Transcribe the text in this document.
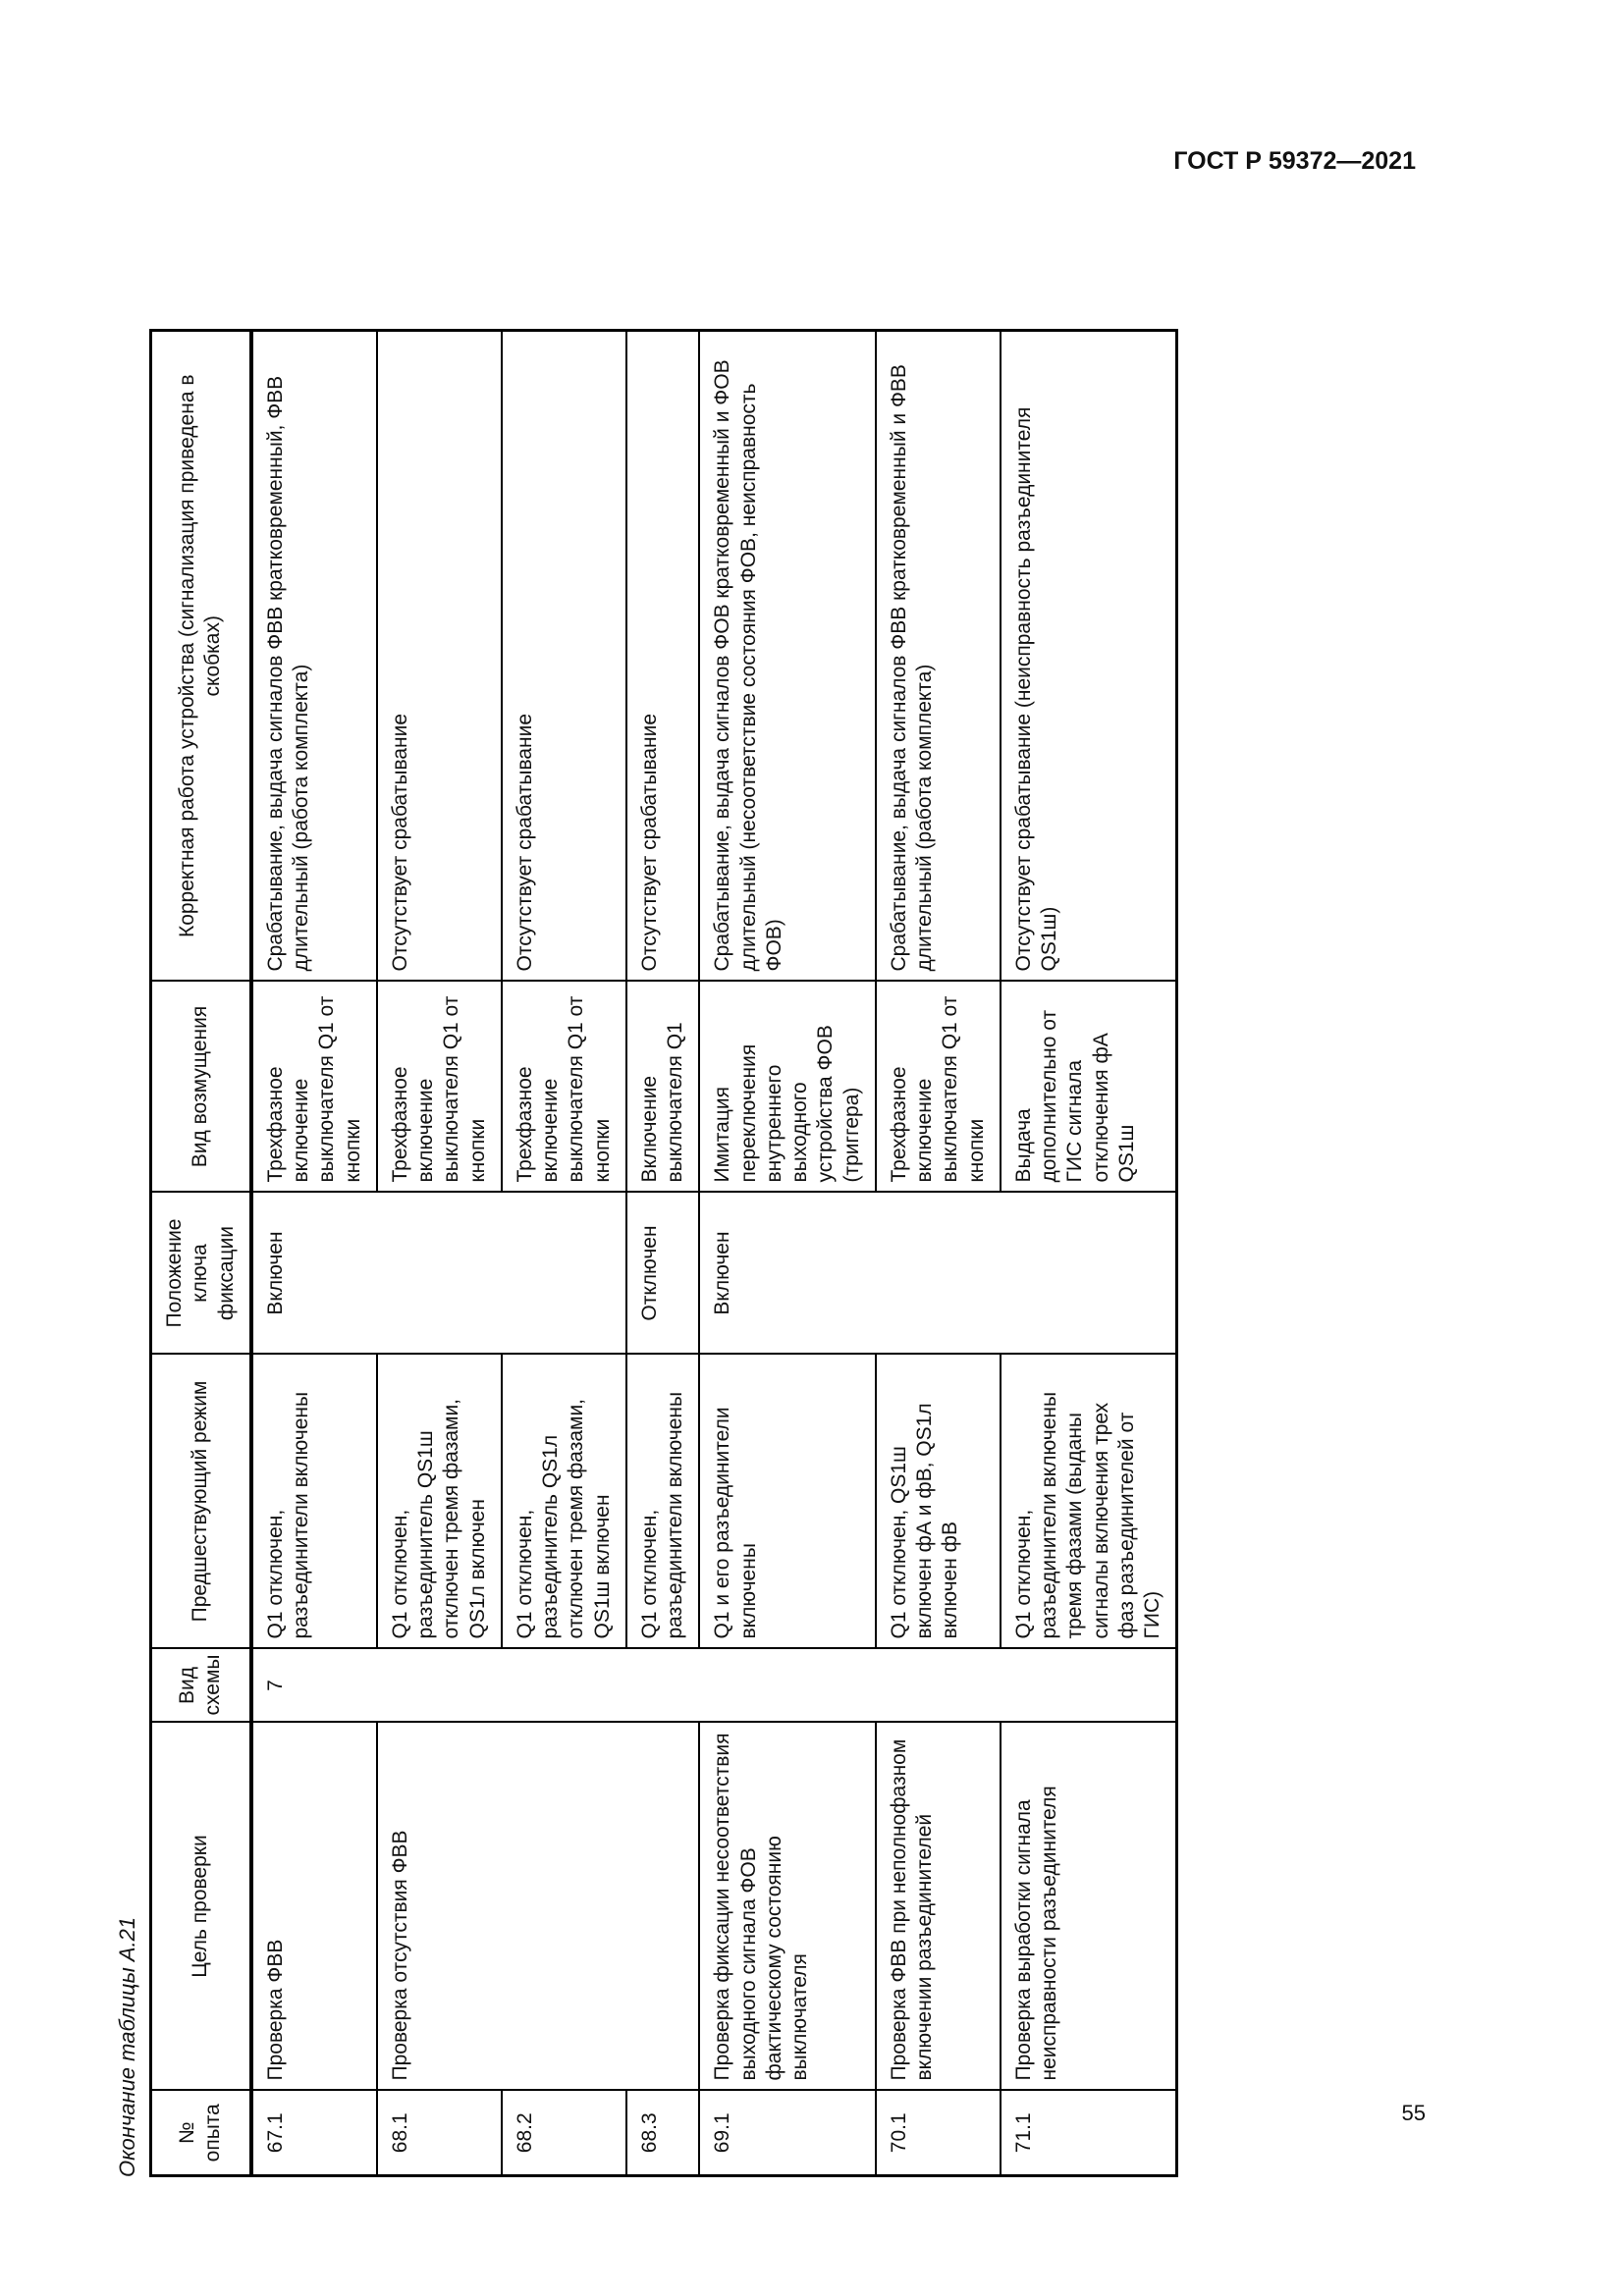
ГОСТ Р 59372—2021
Окончание таблицы А.21	№ опыта	Цель проверки	Вид схемы	Предшествующий режим	Положение ключа фиксации	Вид возмущения	Корректная работа устройства (сигнализация приведена в скобках)
67.1	Проверка ФВВ	7	Q1 отключен, разъединители включены	Включен	Трехфазное включение выключателя Q1 от кнопки	Срабатывание, выдача сигналов ФВВ кратковременный, ФВВ длительный (работа комплекта)
68.1	Проверка отсутствия ФВВ		Q1 отключен, разъединитель QS1ш отключен тремя фазами, QS1л включен		Трехфазное включение выключателя Q1 от кнопки	Отсутствует срабатывание
68.2			Q1 отключен, разъединитель QS1л отключен тремя фазами, QS1ш включен		Трехфазное включение выключателя Q1 от кнопки	Отсутствует срабатывание
68.3			Q1 отключен, разъединители включены	Отключен	Включение выключателя Q1	Отсутствует срабатывание
69.1	Проверка фиксации несоответствия выходного сигнала ФОВ фактическому состоянию выключателя		Q1 и его разъединители включены	Включен	Имитация переключения внутреннего выходного устройства ФОВ (триггера)	Срабатывание, выдача сигналов ФОВ кратковременный и ФОВ длительный (несоответствие состояния ФОВ, неисправность ФОВ)
70.1	Проверка ФВВ при неполнофазном включении разъединителей		Q1 отключен, QS1ш включен фА и фВ, QS1л включен фВ		Трехфазное включение выключателя Q1 от кнопки	Срабатывание, выдача сигналов ФВВ кратковременный и ФВВ длительный (работа комплекта)
71.1	Проверка выработки сигнала неисправности разъединителя		Q1 отключен, разъединители включены тремя фазами (выданы сигналы включения трех фаз разъединителей от ГИС)		Выдача дополнительно от ГИС сигнала отключения фА QS1ш	Отсутствует срабатывание (неисправность разъединителя QS1ш)
55
